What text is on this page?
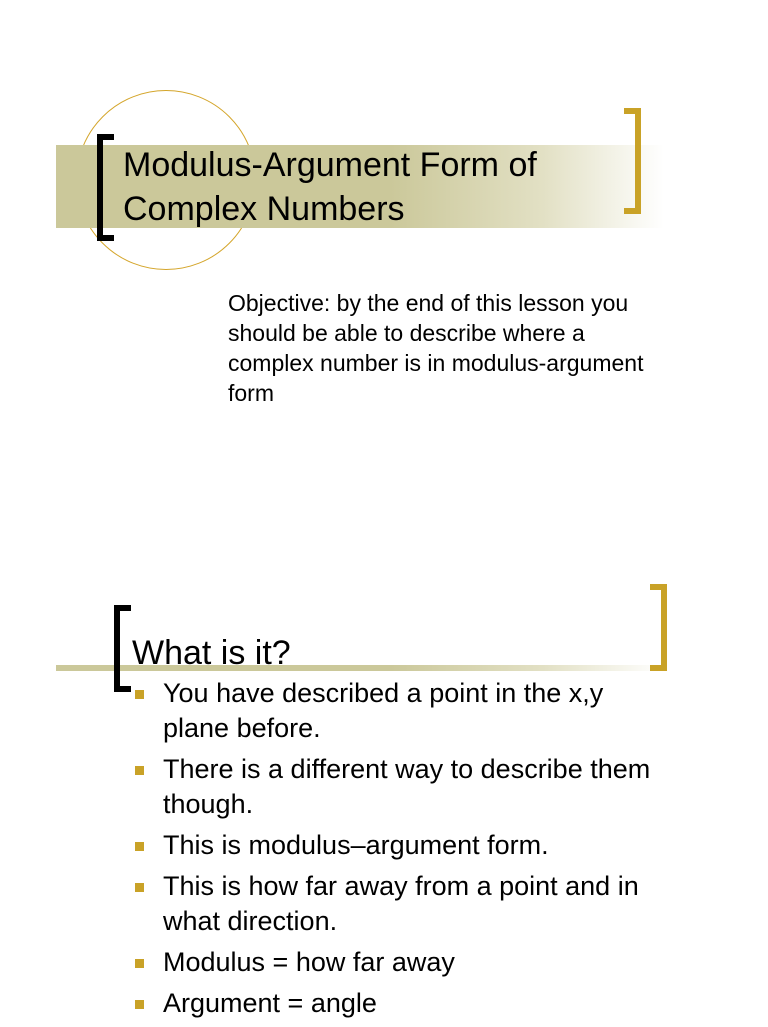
Modulus-Argument Form of
Complex Numbers

Objective: by the end of this lesson you should be able to describe where a complex number is in modulus-argument form

What is it?
You have described a point in the x,y plane before.
There is a different way to describe them though.
This is modulus–argument form.
This is how far away from a point and in what direction.
Modulus = how far away
Argument = angle
